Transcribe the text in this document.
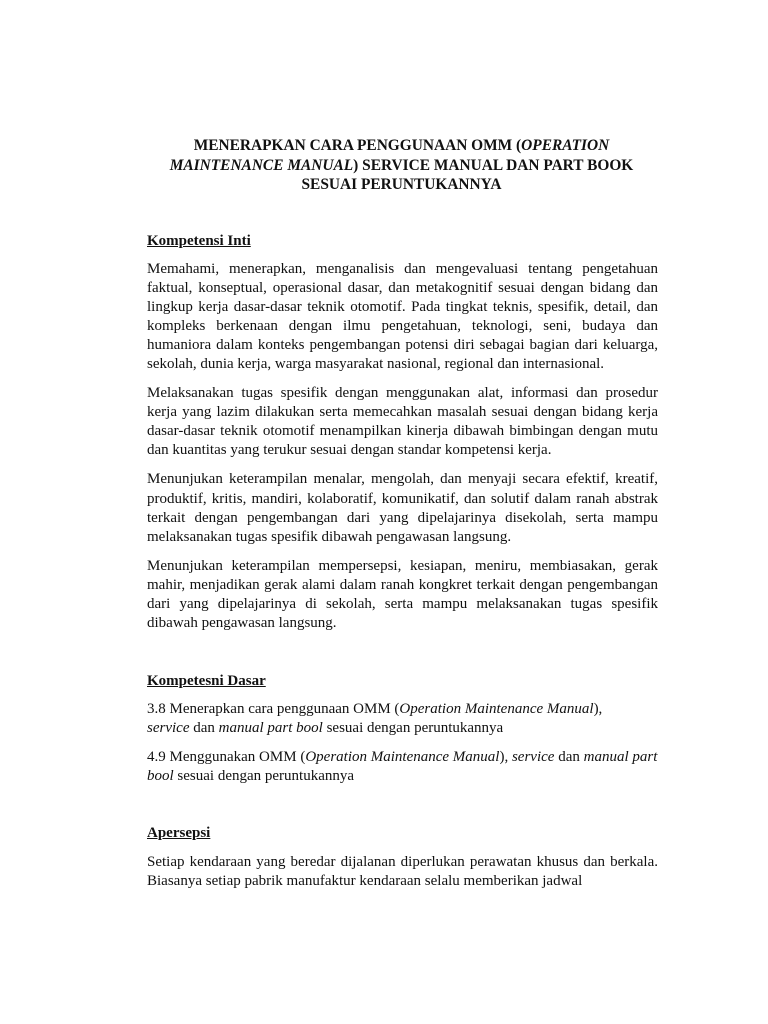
MENERAPKAN CARA PENGGUNAAN OMM (OPERATION
MAINTENANCE MANUAL) SERVICE MANUAL DAN PART BOOK
SESUAI PERUNTUKANNYA

Kompetensi Inti

Memahami, menerapkan, menganalisis dan mengevaluasi tentang pengetahuan faktual, konseptual, operasional dasar, dan metakognitif sesuai dengan bidang dan lingkup kerja dasar-dasar teknik otomotif. Pada tingkat teknis, spesifik, detail, dan kompleks berkenaan dengan ilmu pengetahuan, teknologi, seni, budaya dan humaniora dalam konteks pengembangan potensi diri sebagai bagian dari keluarga, sekolah, dunia kerja, warga masyarakat nasional, regional dan internasional.

Melaksanakan tugas spesifik dengan menggunakan alat, informasi dan prosedur kerja yang lazim dilakukan serta memecahkan masalah sesuai dengan bidang kerja dasar-dasar teknik otomotif menampilkan kinerja dibawah bimbingan dengan mutu dan kuantitas yang terukur sesuai dengan standar kompetensi kerja.

Menunjukan keterampilan menalar, mengolah, dan menyaji secara efektif, kreatif, produktif, kritis, mandiri, kolaboratif, komunikatif, dan solutif dalam ranah abstrak terkait dengan pengembangan dari yang dipelajarinya disekolah, serta mampu melaksanakan tugas spesifik dibawah pengawasan langsung.

Menunjukan keterampilan mempersepsi, kesiapan, meniru, membiasakan, gerak mahir, menjadikan gerak alami dalam ranah kongkret terkait dengan pengembangan dari yang dipelajarinya di sekolah, serta mampu melaksanakan tugas spesifik dibawah pengawasan langsung.

Kompetesni Dasar

3.8 Menerapkan cara penggunaan OMM (Operation Maintenance Manual),
service dan manual part bool sesuai dengan peruntukannya

4.9 Menggunakan OMM (Operation Maintenance Manual), service dan manual part bool sesuai dengan peruntukannya

Apersepsi

Setiap kendaraan yang beredar dijalanan diperlukan perawatan khusus dan berkala. Biasanya setiap pabrik manufaktur kendaraan selalu memberikan jadwal
